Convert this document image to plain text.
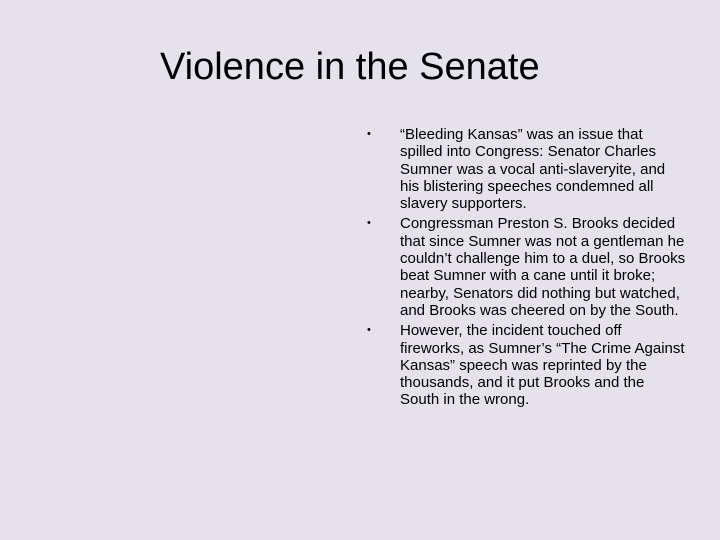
Violence in the Senate
•	“Bleeding Kansas” was an issue that spilled into Congress: Senator Charles Sumner was a vocal anti-slaveryite, and his blistering speeches condemned all slavery supporters.
•	Congressman Preston S. Brooks decided that since Sumner was not a gentleman he couldn’t challenge him to a duel, so Brooks beat Sumner with a cane until it broke; nearby, Senators did nothing but watched, and Brooks was cheered on by the South.
•	However, the incident touched off fireworks, as Sumner’s “The Crime Against Kansas” speech was reprinted by the thousands, and it put Brooks and the South in the wrong.
